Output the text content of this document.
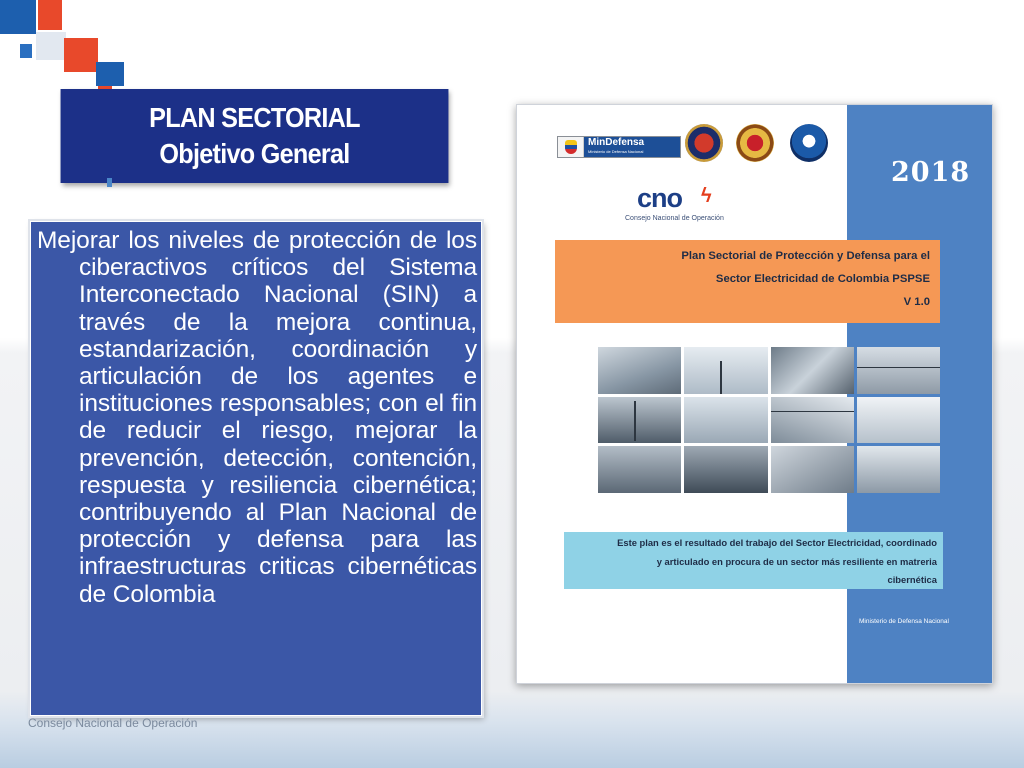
PLAN SECTORIAL
Objetivo General

Mejorar los niveles de protección de los ciberactivos críticos del Sistema Interconectado Nacional (SIN) a través de la mejora continua, estandarización, coordinación y articulación de los agentes e instituciones responsables; con el fin de reducir el riesgo, mejorar la prevención, detección, contención, respuesta y resiliencia cibernética; contribuyendo al Plan Nacional de protección y defensa para las infraestructuras criticas cibernéticas de Colombia

Consejo Nacional de Operación
2018
MinDefensa
Ministerio de Defensa Nacional
cno ϟ
Consejo Nacional de Operación
Plan Sectorial de Protección y Defensa para el
Sector Electricidad de Colombia PSPSE
V 1.0
Este plan es el resultado del trabajo del Sector Electricidad, coordinado
y articulado en procura de un sector más resiliente en matreria
cibernética
Ministerio de Defensa Nacional
